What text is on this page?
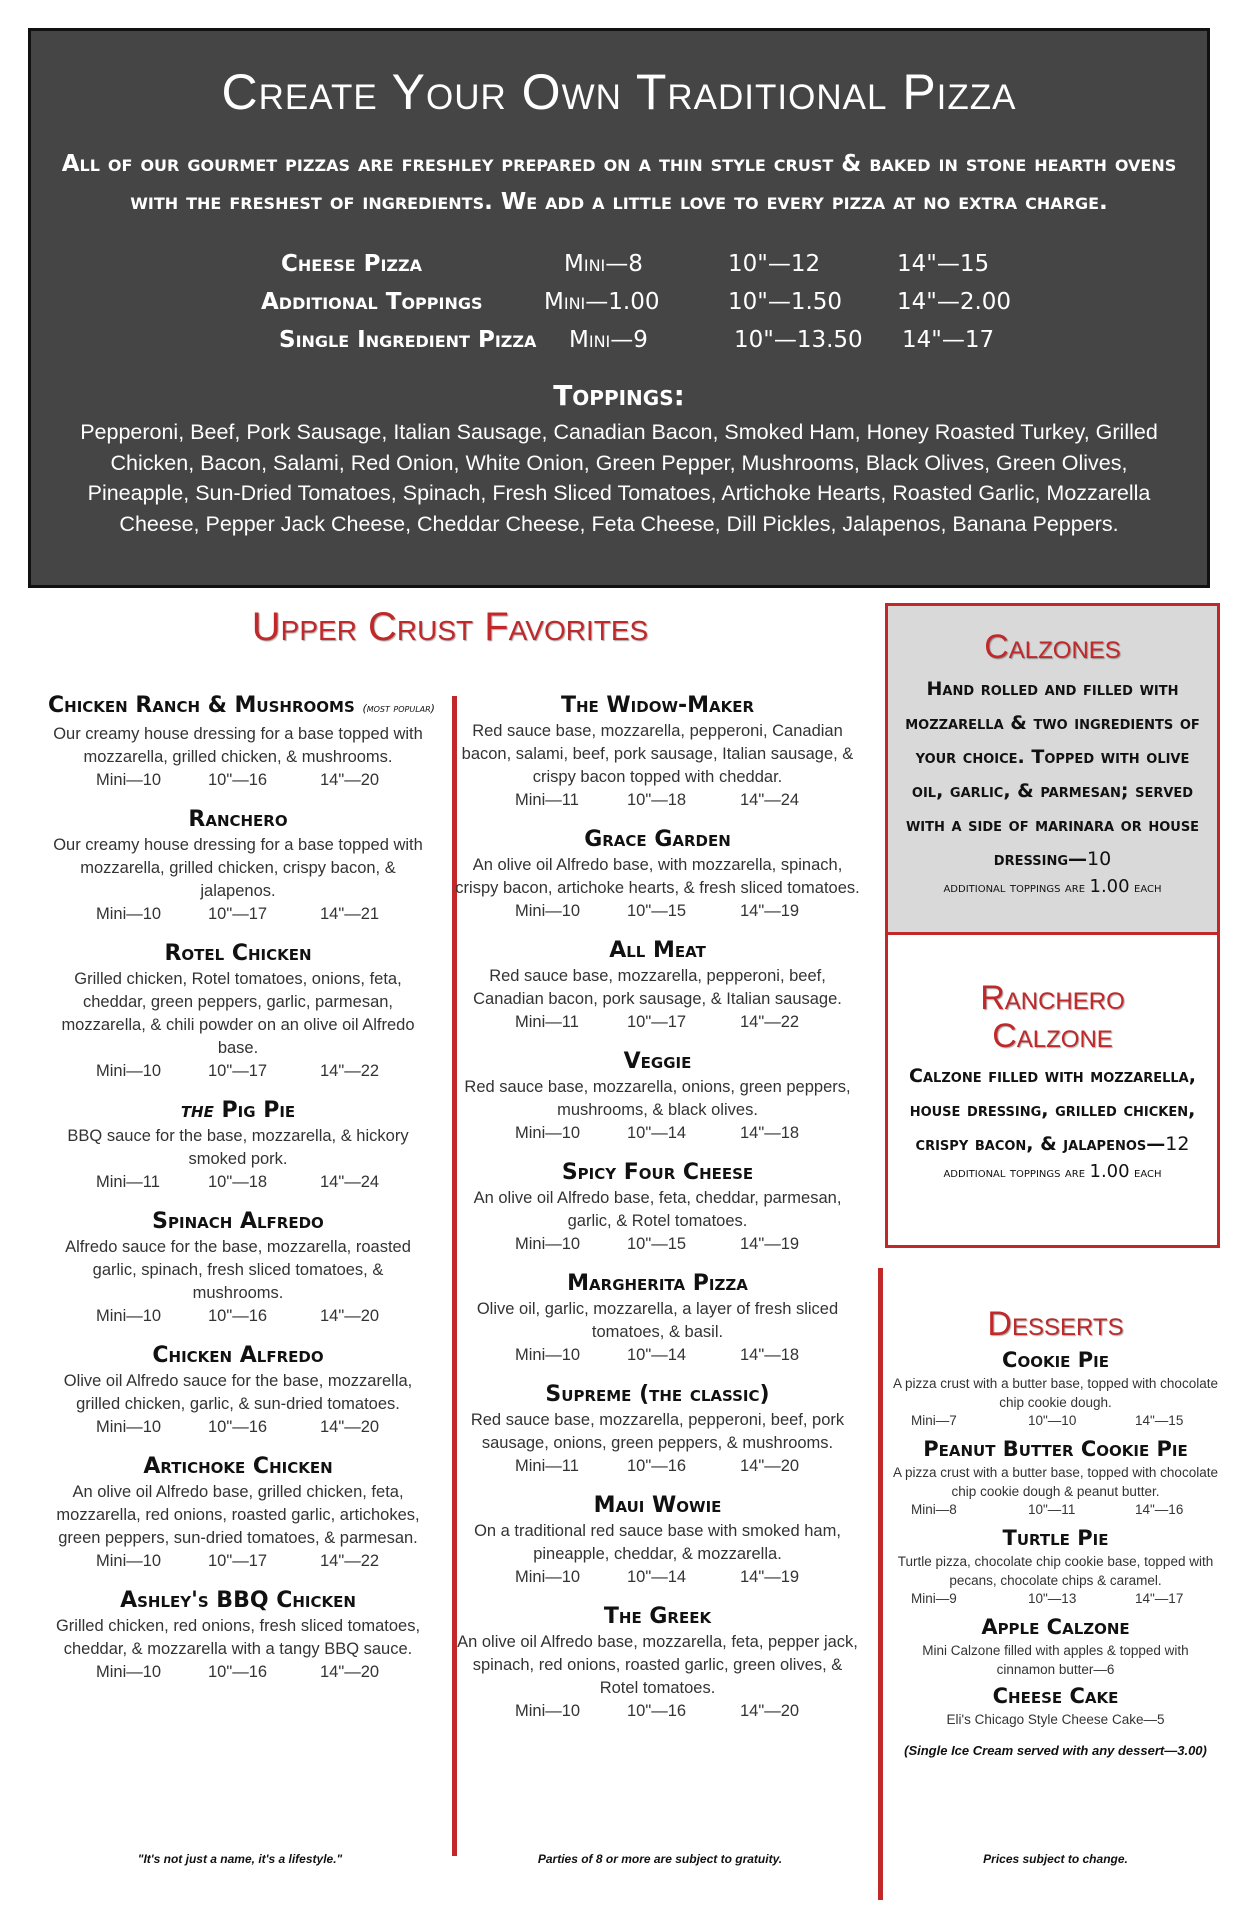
Create Your Own Traditional Pizza
All of our gourmet pizzas are freshley prepared on a thin style crust & baked in stone hearth ovens
with the freshest of ingredients. We add a little love to every pizza at no extra charge.
Cheese Pizza	Mini—8	10"—12	14"—15
Additional Toppings	Mini—1.00	10"—1.50 14"—2.00
Single Ingredient Pizza Mini—9	10"—13.50 14"—17
Toppings:
Pepperoni, Beef, Pork Sausage, Italian Sausage, Canadian Bacon, Smoked Ham, Honey Roasted Turkey, Grilled Chicken, Bacon, Salami, Red Onion, White Onion, Green Pepper, Mushrooms, Black Olives, Green Olives, Pineapple, Sun-Dried Tomatoes, Spinach, Fresh Sliced Tomatoes, Artichoke Hearts, Roasted Garlic, Mozzarella Cheese, Pepper Jack Cheese, Cheddar Cheese, Feta Cheese, Dill Pickles, Jalapenos, Banana Peppers.
Upper Crust Favorites
Chicken Ranch & Mushrooms (most popular)
Our creamy house dressing for a base topped with mozzarella, grilled chicken, & mushrooms.
Mini—10	10"—16	14"—20
Ranchero
Our creamy house dressing for a base topped with mozzarella, grilled chicken, crispy bacon, & jalapenos.
Mini—10	10"—17	14"—21
Rotel Chicken
Grilled chicken, Rotel tomatoes, onions, feta, cheddar, green peppers, garlic, parmesan, mozzarella, & chili powder on an olive oil Alfredo base.
Mini—10	10"—17	14"—22
the Pig Pie
BBQ sauce for the base, mozzarella, & hickory smoked pork.
Mini—11	10"—18	14"—24
Spinach Alfredo
Alfredo sauce for the base, mozzarella, roasted garlic, spinach, fresh sliced tomatoes, & mushrooms.
Mini—10	10"—16	14"—20
Chicken Alfredo
Olive oil Alfredo sauce for the base, mozzarella, grilled chicken, garlic, & sun-dried tomatoes.
Mini—10	10"—16	14"—20
Artichoke Chicken
An olive oil Alfredo base, grilled chicken, feta, mozzarella, red onions, roasted garlic, artichokes, green peppers, sun-dried tomatoes, & parmesan.
Mini—10	10"—17	14"—22
Ashley's BBQ Chicken
Grilled chicken, red onions, fresh sliced tomatoes, cheddar, & mozzarella with a tangy BBQ sauce.
Mini—10	10"—16	14"—20
The Widow-Maker
Red sauce base, mozzarella, pepperoni, Canadian bacon, salami, beef, pork sausage, Italian sausage, & crispy bacon topped with cheddar.
Mini—11	10"—18	14"—24
Grace Garden
An olive oil Alfredo base, with mozzarella, spinach, crispy bacon, artichoke hearts, & fresh sliced tomatoes.
Mini—10	10"—15	14"—19
All Meat
Red sauce base, mozzarella, pepperoni, beef, Canadian bacon, pork sausage, & Italian sausage.
Mini—11	10"—17	14"—22
Veggie
Red sauce base, mozzarella, onions, green peppers, mushrooms, & black olives.
Mini—10	10"—14	14"—18
Spicy Four Cheese
An olive oil Alfredo base, feta, cheddar, parmesan, garlic, & Rotel tomatoes.
Mini—10	10"—15	14"—19
Margherita Pizza
Olive oil, garlic, mozzarella, a layer of fresh sliced tomatoes, & basil.
Mini—10	10"—14	14"—18
Supreme (the classic)
Red sauce base, mozzarella, pepperoni, beef, pork sausage, onions, green peppers, & mushrooms.
Mini—11	10"—16	14"—20
Maui Wowie
On a traditional red sauce base with smoked ham, pineapple, cheddar, & mozzarella.
Mini—10	10"—14	14"—19
The Greek
An olive oil Alfredo base, mozzarella, feta, pepper jack, spinach, red onions, roasted garlic, green olives, & Rotel tomatoes.
Mini—10	10"—16	14"—20
Calzones
Hand rolled and filled with mozzarella & two ingredients of your choice. Topped with olive oil, garlic, & parmesan; served with a side of marinara or house dressing—10
additional toppings are 1.00 each
Ranchero
Calzone
Calzone filled with mozzarella, house dressing, grilled chicken, crispy bacon, & jalapenos—12
additional toppings are 1.00 each
Desserts
Cookie Pie
A pizza crust with a butter base, topped with chocolate chip cookie dough.
Mini—7	10"—10	14"—15
Peanut Butter Cookie Pie
A pizza crust with a butter base, topped with chocolate chip cookie dough & peanut butter.
Mini—8	10"—11	14"—16
Turtle Pie
Turtle pizza, chocolate chip cookie base, topped with pecans, chocolate chips & caramel.
Mini—9	10"—13	14"—17
Apple Calzone
Mini Calzone filled with apples & topped with cinnamon butter—6
Cheese Cake
Eli's Chicago Style Cheese Cake—5
(Single Ice Cream served with any dessert—3.00)
"It's not just a name, it's a lifestyle."	Parties of 8 or more are subject to gratuity.	Prices subject to change.
